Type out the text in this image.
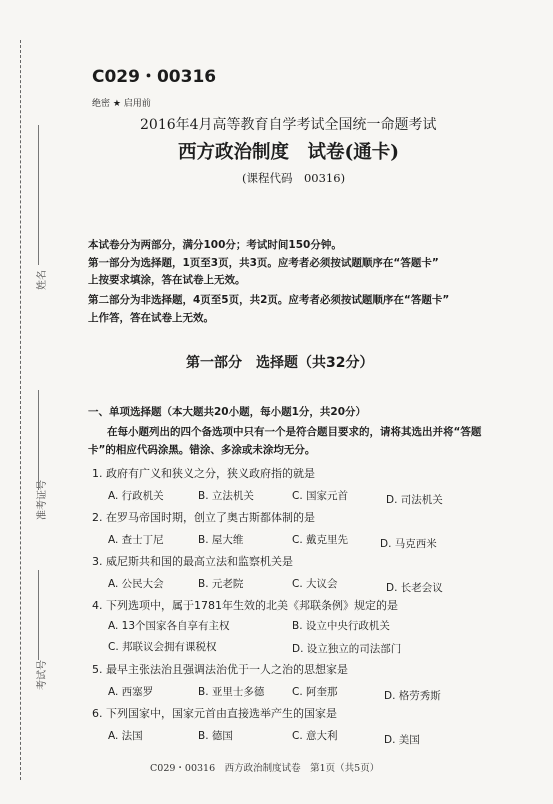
姓名
准考证号
考试号
C029・00316
绝密 ★ 启用前
2016年4月高等教育自学考试全国统一命题考试
西方政治制度　试卷(通卡)
(课程代码　00316)
本试卷分为两部分，满分100分；考试时间150分钟。
第一部分为选择题，1页至3页，共3页。应考者必须按试题顺序在“答题卡”
上按要求填涂，答在试卷上无效。
第二部分为非选择题，4页至5页，共2页。应考者必须按试题顺序在“答题卡”
上作答，答在试卷上无效。
第一部分　选择题（共32分）
一、单项选择题（本大题共20小题，每小题1分，共20分）
在每小题列出的四个备选项中只有一个是符合题目要求的，请将其选出并将“答题
卡”的相应代码涂黑。错涂、多涂或未涂均无分。
1. 政府有广义和狭义之分，狭义政府指的就是
A. 行政机关	B. 立法机关	C. 国家元首	D. 司法机关
2. 在罗马帝国时期，创立了奥古斯都体制的是
A. 查士丁尼	B. 屋大维	C. 戴克里先	D. 马克西米
3. 威尼斯共和国的最高立法和监察机关是
A. 公民大会	B. 元老院	C. 大议会	D. 长老会议
4. 下列选项中，属于1781年生效的北美《邦联条例》规定的是
A. 13个国家各自享有主权	B. 设立中央行政机关
C. 邦联议会拥有课税权	D. 设立独立的司法部门
5. 最早主张法治且强调法治优于一人之治的思想家是
A. 西塞罗	B. 亚里士多德	C. 阿奎那	D. 格劳秀斯
6. 下列国家中，国家元首由直接选举产生的国家是
A. 法国	B. 德国	C. 意大利	D. 美国
C029・00316　西方政治制度试卷　第1页（共5页）
